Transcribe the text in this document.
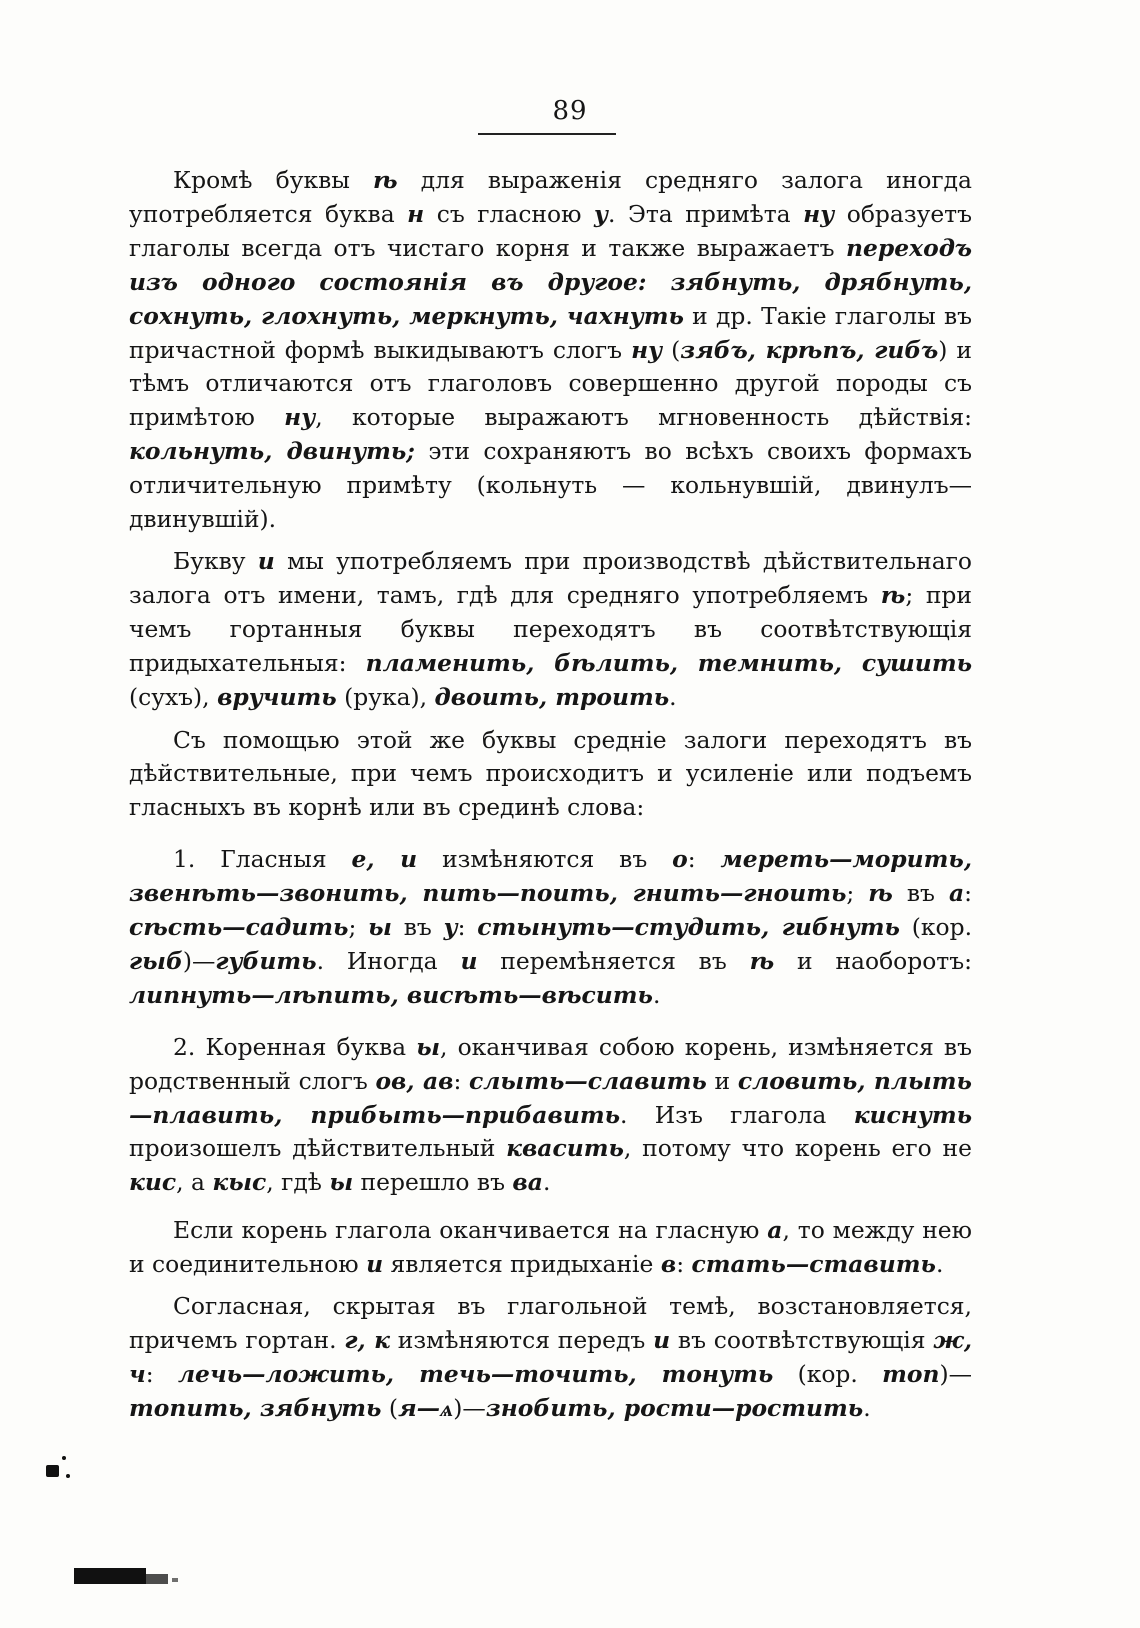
89

Кромѣ буквы ѣ для выраженія средняго залога иногда употребляется буква н съ гласною у. Эта примѣта ну образуетъ глаголы всегда отъ чистаго корня и также выражаетъ переходъ изъ одного состоянія въ другое: зябнуть, дрябнуть, сохнуть, глохнуть, меркнуть, чахнуть и др. Такіе глаголы въ причастной формѣ выкидываютъ слогъ ну (зябъ, крѣпъ, гибъ) и тѣмъ отличаются отъ глаголовъ совершенно другой породы съ примѣтою ну, которые выражаютъ мгновенность дѣйствія: кольнуть, двинуть; эти сохраняютъ во всѣхъ своихъ формахъ отличительную примѣту (кольнуть — кольнувшій, двинулъ— двинувшій).

Букву и мы употребляемъ при производствѣ дѣйствительнаго залога отъ имени, тамъ, гдѣ для средняго употребляемъ ѣ; при чемъ гортанныя буквы переходятъ въ соотвѣтствующія придыхательныя: пламенить, бѣлить, темнить, сушить (сухъ), вручить (рука), двоить, троить.

Съ помощью этой же буквы средніе залоги переходятъ въ дѣйствительные, при чемъ происходитъ и усиленіе или подъемъ гласныхъ въ корнѣ или въ срединѣ слова:

1. Гласныя е, и измѣняются въ о: мереть—морить, звенѣть—звонить, пить—поить, гнить—гноить; ѣ въ а: сѣсть—садить; ы въ у: стынуть—студить, гибнуть (кор. гыб)—губить. Иногда и перемѣняется въ ѣ и наоборотъ: липнуть—лѣпить, висѣть—вѣсить.

2. Коренная буква ы, оканчивая собою корень, измѣняется въ родственный слогъ ов, ав: слыть—славить и словить, плыть—плавить, прибыть—прибавить. Изъ глагола киснуть произошелъ дѣйствительный квасить, потому что корень его не кис, а кыс, гдѣ ы перешло въ ва.

Если корень глагола оканчивается на гласную а, то между нею и соединительною и является придыханіе в: стать—ставить.

Согласная, скрытая въ глагольной темѣ, возстановляется, причемъ гортан. г, к измѣняются передъ и въ соотвѣтствующія ж, ч: лечь—ложить, течь—точить, тонуть (кор. топ)—топить, зябнуть (я—ѧ)—знобить, рости—ростить.
